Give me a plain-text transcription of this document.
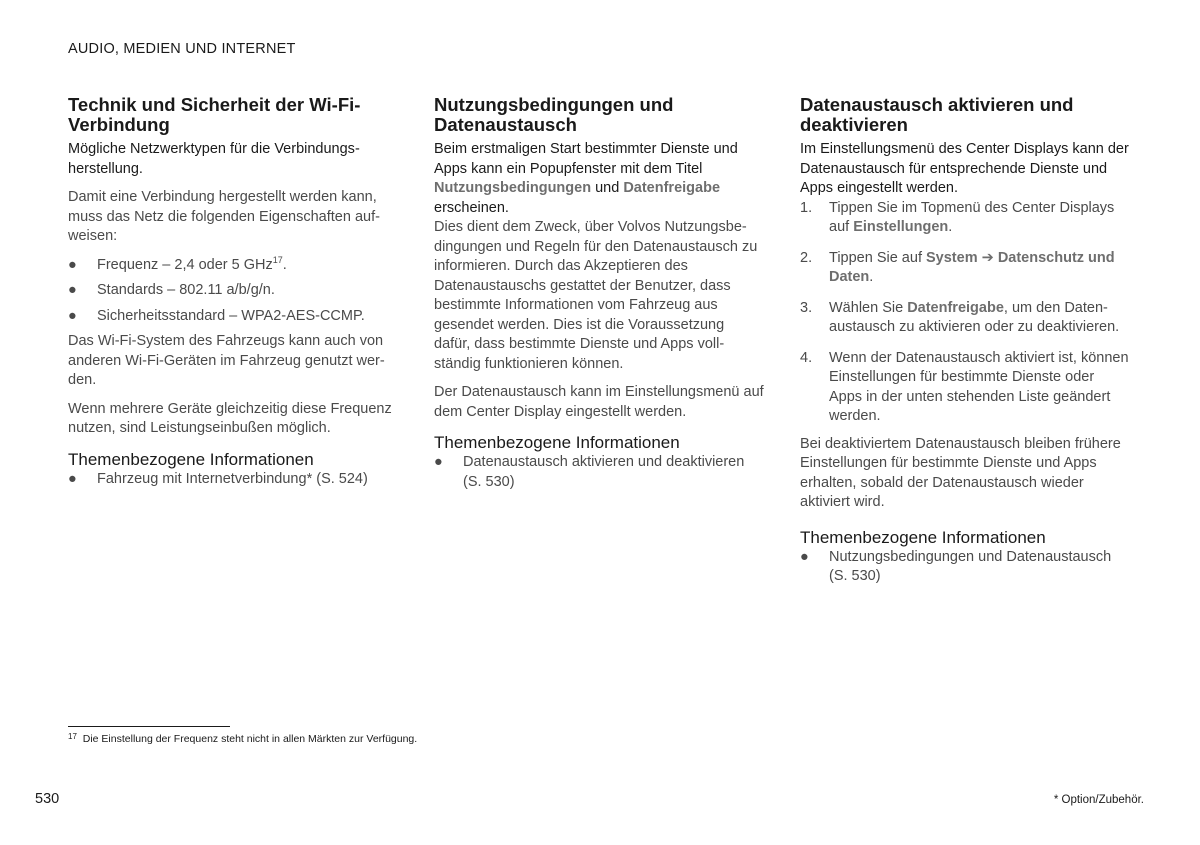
AUDIO, MEDIEN UND INTERNET
Technik und Sicherheit der Wi-Fi-Verbindung

Mögliche Netzwerktypen für die Verbindungsherstellung.

Damit eine Verbindung hergestellt werden kann, muss das Netz die folgenden Eigenschaften aufweisen:

● Frequenz – 2,4 oder 5 GHz$^{17}$.
● Standards – 802.11 a/b/g/n.
● Sicherheitsstandard – WPA2-AES-CCMP.

Das Wi-Fi-System des Fahrzeugs kann auch von anderen Wi-Fi-Geräten im Fahrzeug genutzt werden.

Wenn mehrere Geräte gleichzeitig diese Frequenz nutzen, sind Leistungseinbußen möglich.

Themenbezogene Informationen
● Fahrzeug mit Internetverbindung* (S. 524)
Nutzungsbedingungen und Datenaustausch

Beim erstmaligen Start bestimmter Dienste und Apps kann ein Popupfenster mit dem Titel Nutzungsbedingungen und Datenfreigabe erscheinen.

Dies dient dem Zweck, über Volvos Nutzungsbedingungen und Regeln für den Datenaustausch zu informieren. Durch das Akzeptieren des Datenaustauschs gestattet der Benutzer, dass bestimmte Informationen vom Fahrzeug aus gesendet werden. Dies ist die Voraussetzung dafür, dass bestimmte Dienste und Apps vollständig funktionieren können.

Der Datenaustausch kann im Einstellungsmenü auf dem Center Display eingestellt werden.

Themenbezogene Informationen
● Datenaustausch aktivieren und deaktivieren (S. 530)
Datenaustausch aktivieren und deaktivieren

Im Einstellungsmenü des Center Displays kann der Datenaustausch für entsprechende Dienste und Apps eingestellt werden.

1. Tippen Sie im Topmenü des Center Displays auf Einstellungen.
2. Tippen Sie auf System ➔ Datenschutz und Daten.
3. Wählen Sie Datenfreigabe, um den Datenaustausch zu aktivieren oder zu deaktivieren.
4. Wenn der Datenaustausch aktiviert ist, können Einstellungen für bestimmte Dienste oder Apps in der unten stehenden Liste geändert werden.

Bei deaktiviertem Datenaustausch bleiben frühere Einstellungen für bestimmte Dienste und Apps erhalten, sobald der Datenaustausch wieder aktiviert wird.

Themenbezogene Informationen
● Nutzungsbedingungen und Datenaustausch (S. 530)
$^{17}$ Die Einstellung der Frequenz steht nicht in allen Märkten zur Verfügung.
530	* Option/Zubehör.
